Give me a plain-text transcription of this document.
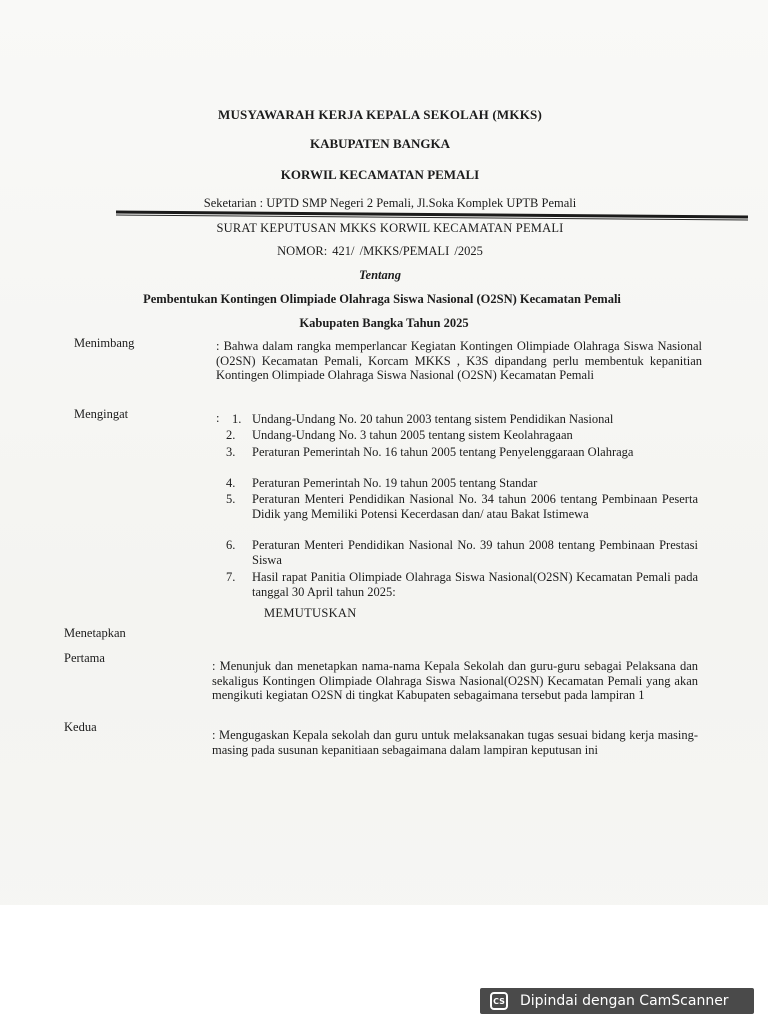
MUSYAWARAH KERJA KEPALA SEKOLAH (MKKS)
KABUPATEN BANGKA
KORWIL KECAMATAN PEMALI
Seketarian : UPTD SMP Negeri 2 Pemali, Jl.Soka Komplek UPTB Pemali
SURAT KEPUTUSAN MKKS KORWIL KECAMATAN PEMALI
NOMOR: 421/ /MKKS/PEMALI /2025
Tentang
Pembentukan Kontingen Olimpiade Olahraga Siswa Nasional (O2SN) Kecamatan Pemali
Kabupaten Bangka Tahun 2025
Menimbang	: Bahwa dalam rangka memperlancar Kegiatan Kontingen Olimpiade Olahraga Siswa Nasional (O2SN) Kecamatan Pemali, Korcam MKKS , K3S dipandang perlu membentuk kepanitian Kontingen Olimpiade Olahraga Siswa Nasional (O2SN) Kecamatan Pemali
Mengingat	: 1. Undang-Undang No. 20 tahun 2003 tentang sistem Pendidikan Nasional
2.	Undang-Undang No. 3 tahun 2005 tentang sistem Keolahragaan
3.	Peraturan Pemerintah No. 16 tahun 2005 tentang Penyelenggaraan Olahraga
4.	Peraturan Pemerintah No. 19 tahun 2005 tentang Standar
5.	Peraturan Menteri Pendidikan Nasional No. 34 tahun 2006 tentang Pembinaan Peserta Didik yang Memiliki Potensi Kecerdasan dan/ atau Bakat Istimewa
6.	Peraturan Menteri Pendidikan Nasional No. 39 tahun 2008 tentang Pembinaan Prestasi Siswa
7.	Hasil rapat Panitia Olimpiade Olahraga Siswa Nasional(O2SN) Kecamatan Pemali pada tanggal 30 April tahun 2025:
MEMUTUSKAN
Menetapkan
Pertama
: Menunjuk dan menetapkan nama-nama Kepala Sekolah dan guru-guru sebagai Pelaksana dan sekaligus Kontingen Olimpiade Olahraga Siswa Nasional(O2SN) Kecamatan Pemali yang akan mengikuti kegiatan O2SN di tingkat Kabupaten sebagaimana tersebut pada lampiran 1
Kedua
: Mengugaskan Kepala sekolah dan guru untuk melaksanakan tugas sesuai bidang kerja masing-masing pada susunan kepanitiaan sebagaimana dalam lampiran keputusan ini
CS Dipindai dengan CamScanner
